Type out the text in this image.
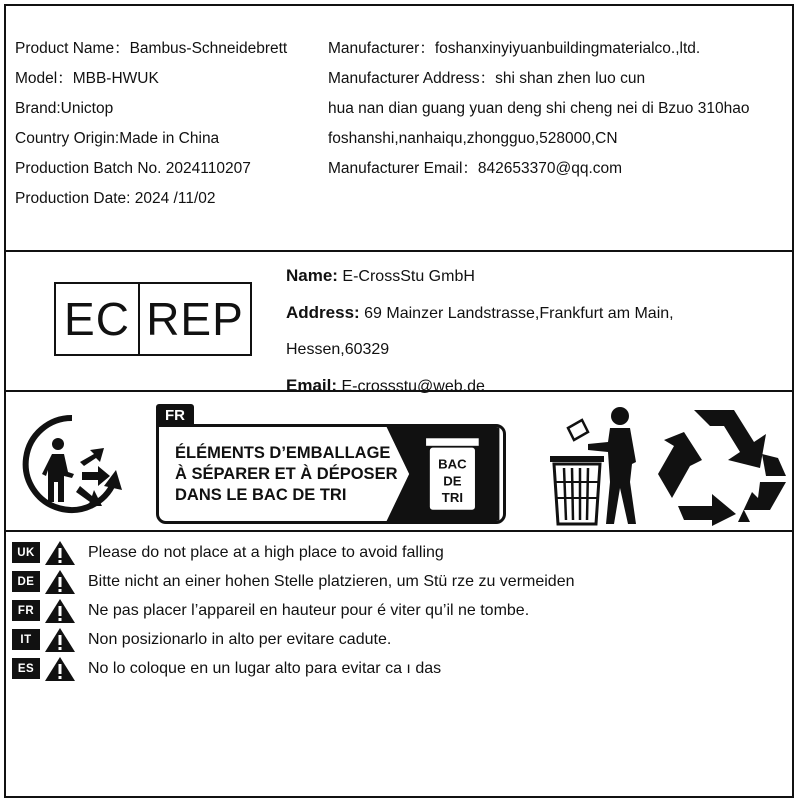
Product Name：Bambus-Schneidebrett
Model：MBB-HWUK
Brand:Unictop
Country Origin:Made in China
Production Batch No. 2024110207
Production Date: 2024 /11/02
Manufacturer：foshanxinyiyuanbuildingmaterialco.,ltd.
Manufacturer Address：shi shan zhen luo cun
hua nan dian guang yuan deng shi cheng nei di Bzuo 310hao
foshanshi,nanhaiqu,zhongguo,528000,CN
Manufacturer Email：842653370@qq.com
EC REP
Name: E-CrossStu GmbH
Address: 69 Mainzer Landstrasse,Frankfurt am Main,
Hessen,60329
Email: E-crossstu@web.de
FR
ÉLÉMENTS D’EMBALLAGE
À SÉPARER ET À DÉPOSER
DANS LE BAC DE TRI
BAC
DE
TRI
UK	Please do not place at a high place to avoid falling
DE	Bitte nicht an einer hohen Stelle platzieren, um Stü rze zu vermeiden
FR	Ne pas placer l’appareil en hauteur pour é viter qu’il ne tombe.
IT	Non posizionarlo in alto per evitare cadute.
ES	No lo coloque en un lugar alto para evitar ca ı das
